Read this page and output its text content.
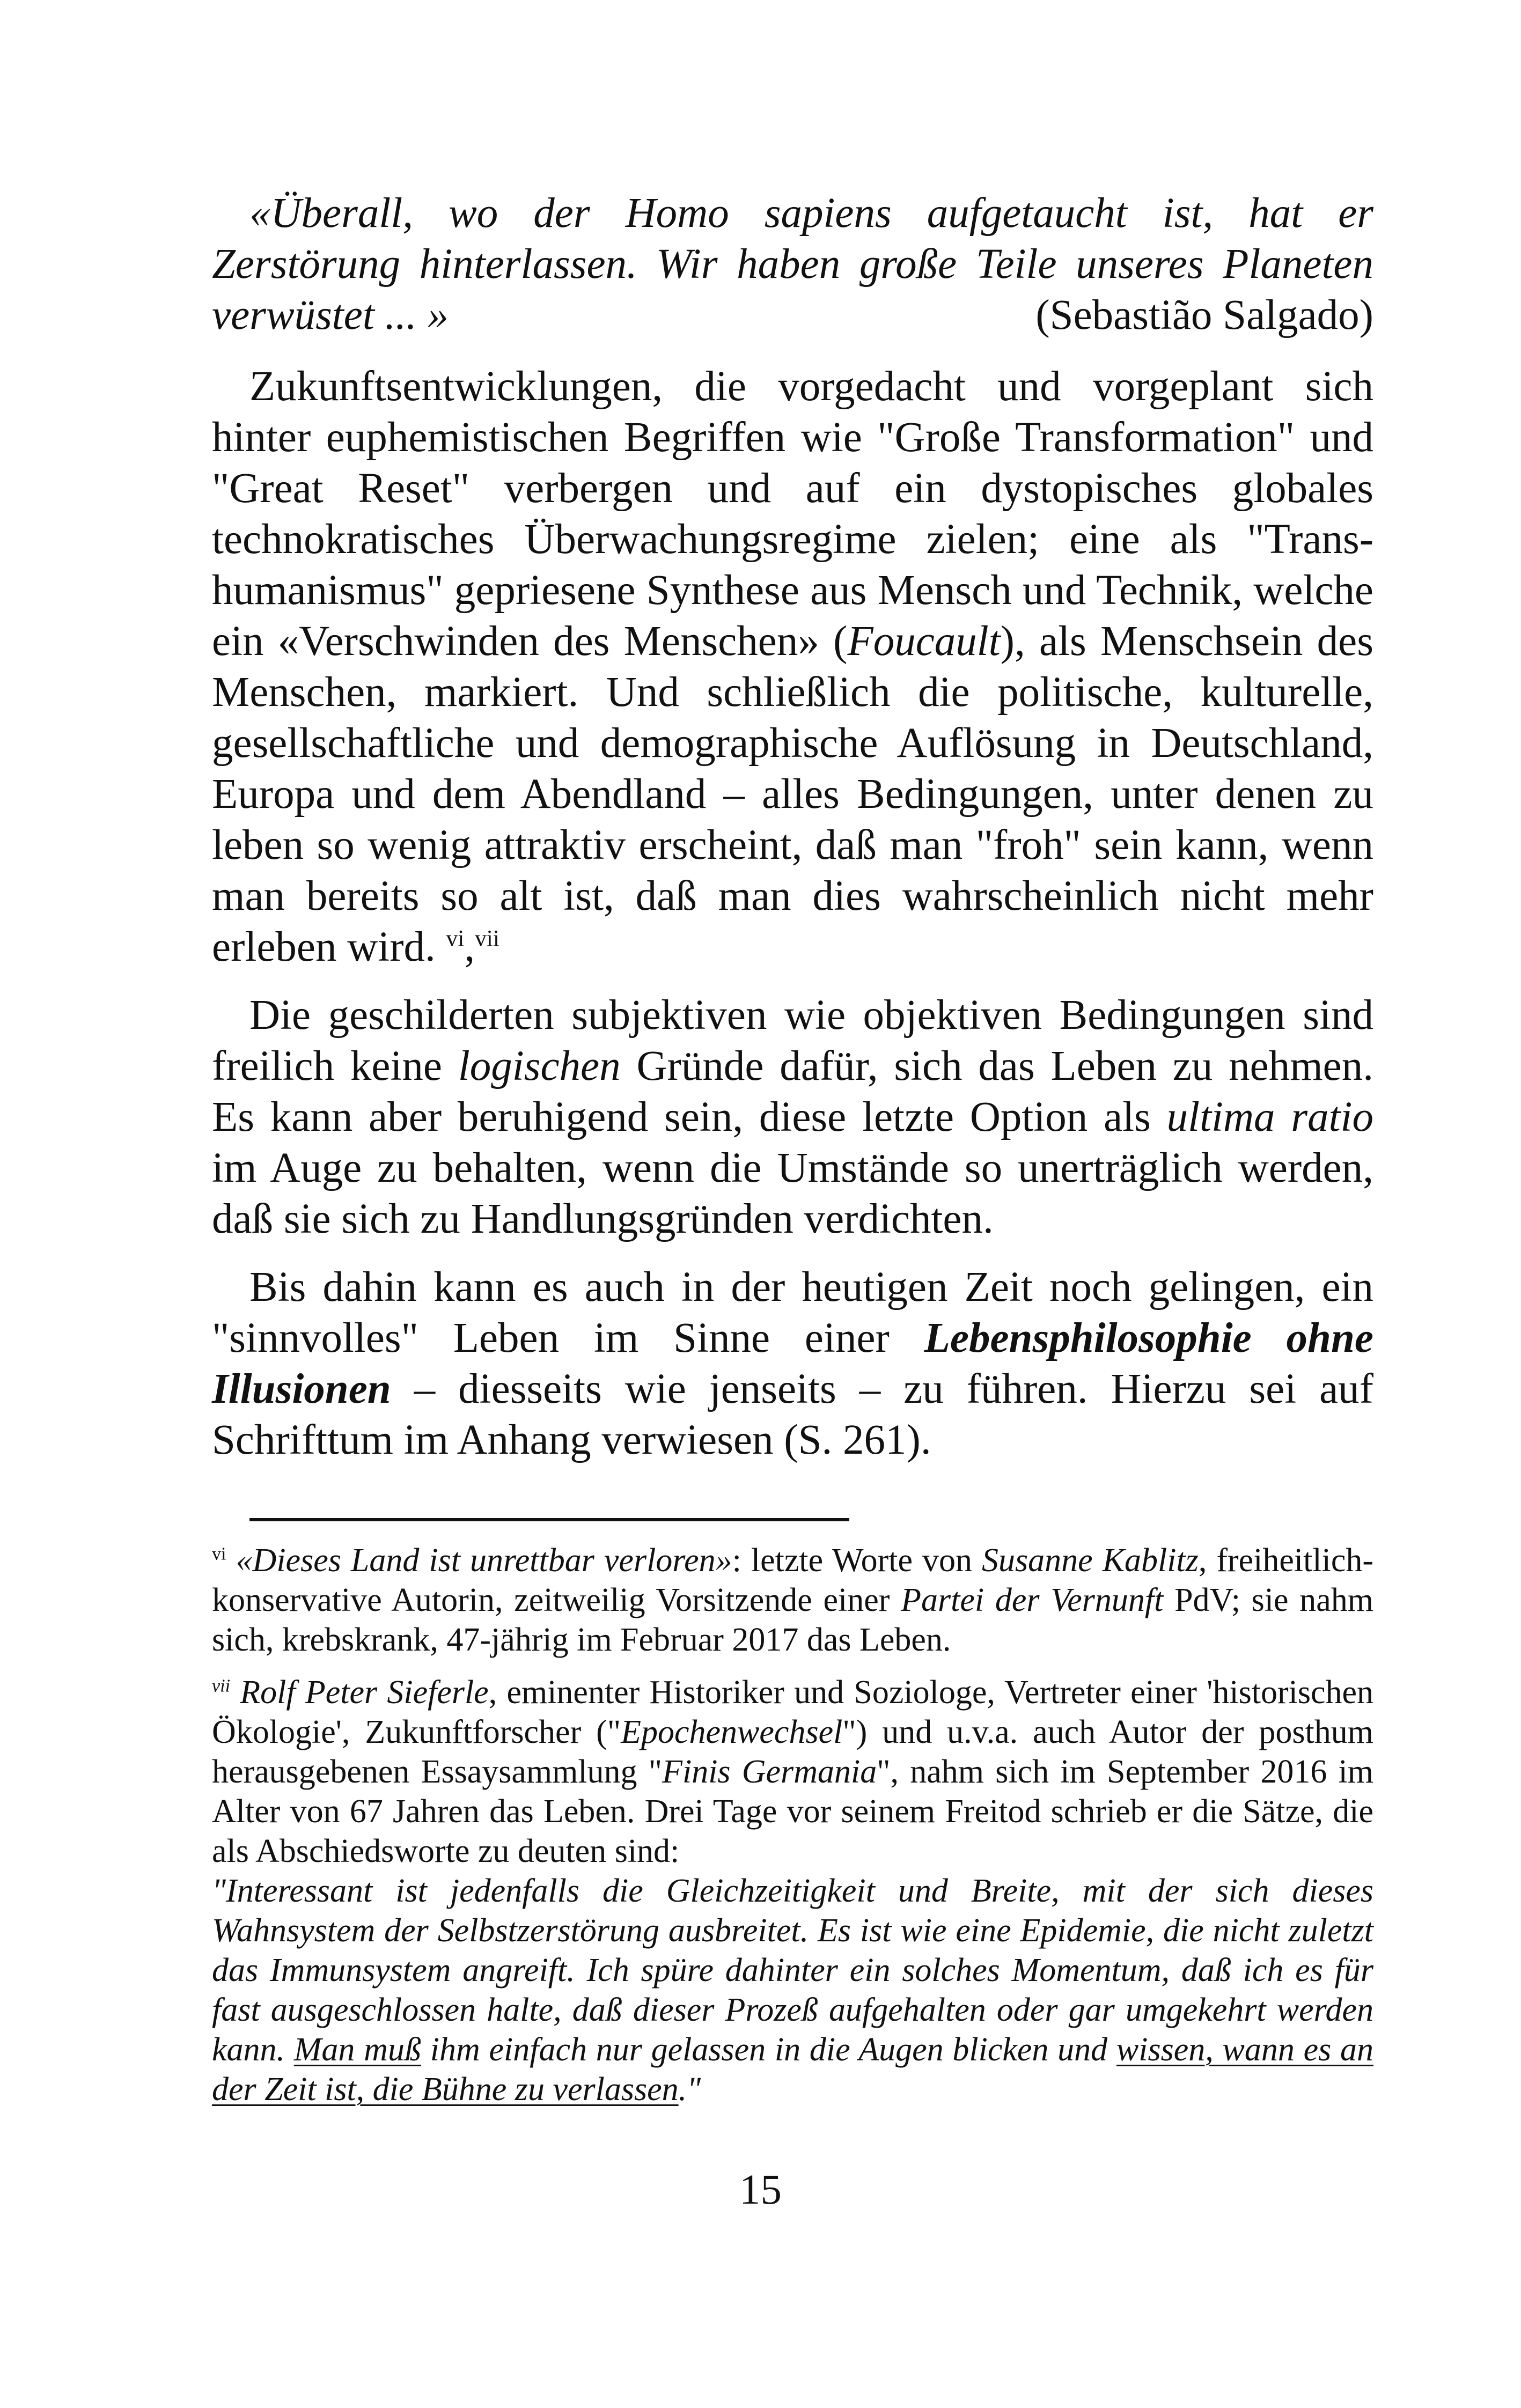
«Überall, wo der Homo sapiens aufgetaucht ist, hat er Zerstörung hinterlassen. Wir haben große Teile unseres Planeten verwüstet ... »	(Sebastião Salgado)

Zukunftsentwicklungen, die vorgedacht und vorgeplant sich hinter euphemistischen Begriffen wie "Große Transformation" und "Great Reset" verbergen und auf ein dystopisches globales technokratisches Überwachungsregime zielen; eine als "Transhumanismus" gepriesene Synthese aus Mensch und Technik, welche ein «Verschwinden des Menschen» (Foucault), als Menschsein des Menschen, markiert. Und schließlich die politische, kulturelle, gesellschaftliche und demographische Auflösung in Deutschland, Europa und dem Abendland – alles Bedingungen, unter denen zu leben so wenig attraktiv erscheint, daß man "froh" sein kann, wenn man bereits so alt ist, daß man dies wahrscheinlich nicht mehr erleben wird. $^{vi}$,$^{vii}$

Die geschilderten subjektiven wie objektiven Bedingungen sind freilich keine logischen Gründe dafür, sich das Leben zu nehmen. Es kann aber beruhigend sein, diese letzte Option als ultima ratio im Auge zu behalten, wenn die Umstände so unerträglich werden, daß sie sich zu Handlungsgründen verdichten.

Bis dahin kann es auch in der heutigen Zeit noch gelingen, ein "sinnvolles" Leben im Sinne einer Lebensphilosophie ohne Illusionen – diesseits wie jenseits – zu führen. Hierzu sei auf Schrifttum im Anhang verwiesen (S. 261).

$^{vi}$ «Dieses Land ist unrettbar verloren»: letzte Worte von Susanne Kablitz, freiheitlich-konservative Autorin, zeitweilig Vorsitzende einer Partei der Vernunft PdV; sie nahm sich, krebskrank, 47-jährig im Februar 2017 das Leben.

$^{vii}$ Rolf Peter Sieferle, eminenter Historiker und Soziologe, Vertreter einer 'historischen Ökologie', Zukunftforscher ("Epochenwechsel") und u.v.a. auch Autor der posthum herausgebenen Essaysammlung "Finis Germania", nahm sich im September 2016 im Alter von 67 Jahren das Leben. Drei Tage vor seinem Freitod schrieb er die Sätze, die als Abschiedsworte zu deuten sind:

"Interessant ist jedenfalls die Gleichzeitigkeit und Breite, mit der sich dieses Wahnsystem der Selbstzerstörung ausbreitet. Es ist wie eine Epidemie, die nicht zuletzt das Immunsystem angreift. Ich spüre dahinter ein solches Momentum, daß ich es für fast ausgeschlossen halte, daß dieser Prozeß aufgehalten oder gar umgekehrt werden kann. Man muß ihm einfach nur gelassen in die Augen blicken und wissen, wann es an der Zeit ist, die Bühne zu verlassen."

15
